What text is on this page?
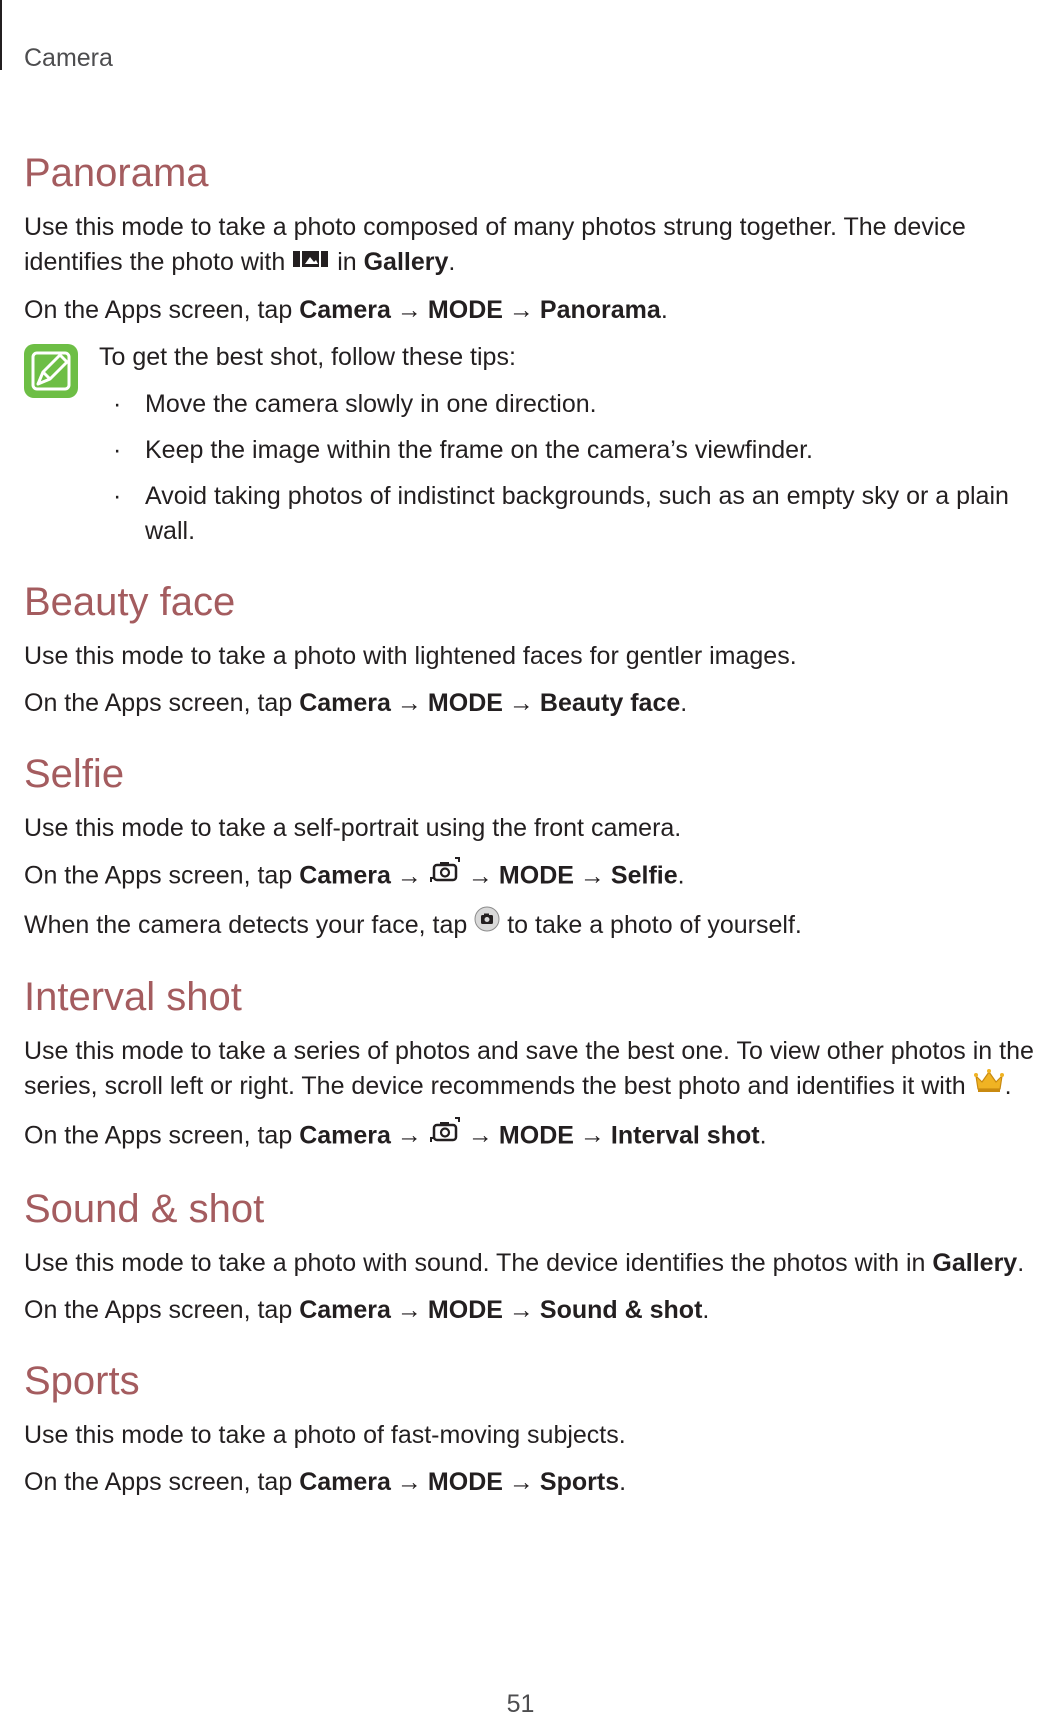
Camera
Panorama

Use this mode to take a photo composed of many photos strung together. The device identifies the photo with in Gallery.

On the Apps screen, tap Camera → MODE → Panorama.

To get the best shot, follow these tips:

· Move the camera slowly in one direction.
· Keep the image within the frame on the camera’s viewfinder.
· Avoid taking photos of indistinct backgrounds, such as an empty sky or a plain wall.
Beauty face

Use this mode to take a photo with lightened faces for gentler images.

On the Apps screen, tap Camera → MODE → Beauty face.

Selfie

Use this mode to take a self-portrait using the front camera.

On the Apps screen, tap Camera → → MODE → Selfie.

When the camera detects your face, tap to take a photo of yourself.

Interval shot

Use this mode to take a series of photos and save the best one. To view other photos in the series, scroll left or right. The device recommends the best photo and identifies it with .

On the Apps screen, tap Camera → → MODE → Interval shot.

Sound & shot

Use this mode to take a photo with sound. The device identifies the photos with in Gallery.

On the Apps screen, tap Camera → MODE → Sound & shot.

Sports

Use this mode to take a photo of fast-moving subjects.

On the Apps screen, tap Camera → MODE → Sports.

51
